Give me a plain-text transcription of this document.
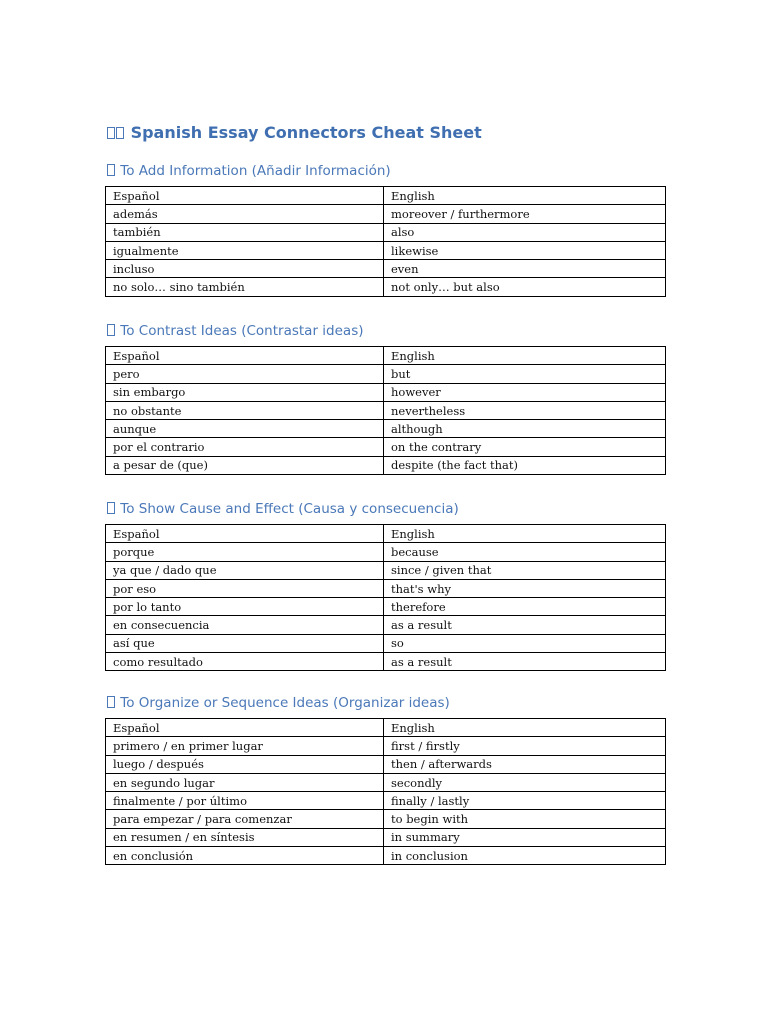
Spanish Essay Connectors Cheat Sheet
To Add Information (Añadir Información)
Español	English
además	moreover / furthermore
también	also
igualmente	likewise
incluso	even
no solo… sino también	not only… but also
To Contrast Ideas (Contrastar ideas)
Español	English
pero	but
sin embargo	however
no obstante	nevertheless
aunque	although
por el contrario	on the contrary
a pesar de (que)	despite (the fact that)
To Show Cause and Effect (Causa y consecuencia)
Español	English
porque	because
ya que / dado que	since / given that
por eso	that's why
por lo tanto	therefore
en consecuencia	as a result
así que	so
como resultado	as a result
To Organize or Sequence Ideas (Organizar ideas)
Español	English
primero / en primer lugar	first / firstly
luego / después	then / afterwards
en segundo lugar	secondly
finalmente / por último	finally / lastly
para empezar / para comenzar	to begin with
en resumen / en síntesis	in summary
en conclusión	in conclusion
